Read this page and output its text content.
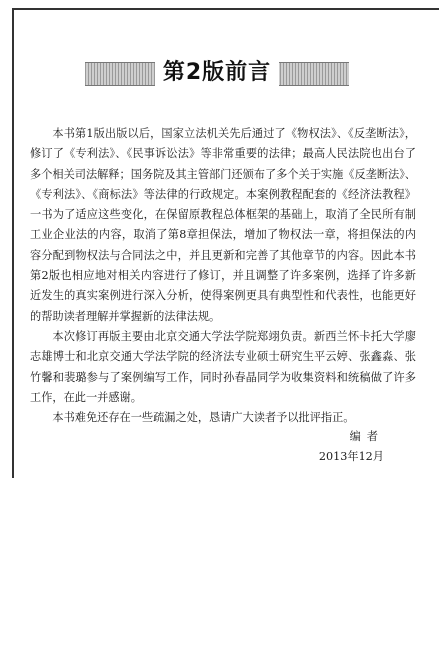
第2版前言

本书第1版出版以后，国家立法机关先后通过了《物权法》、《反垄断法》，修订了《专利法》、《民事诉讼法》等非常重要的法律；最高人民法院也出台了多个相关司法解释；国务院及其主管部门还颁布了多个关于实施《反垄断法》、《专利法》、《商标法》等法律的行政规定。本案例教程配套的《经济法教程》一书为了适应这些变化，在保留原教程总体框架的基础上，取消了全民所有制工业企业法的内容，取消了第8章担保法，增加了物权法一章，将担保法的内容分配到物权法与合同法之中，并且更新和完善了其他章节的内容。因此本书第2版也相应地对相关内容进行了修订，并且调整了许多案例，选择了许多新近发生的真实案例进行深入分析，使得案例更具有典型性和代表性，也能更好的帮助读者理解并掌握新的法律法规。

本次修订再版主要由北京交通大学法学院郑翊负责。新西兰怀卡托大学廖志雄博士和北京交通大学法学院的经济法专业硕士研究生平云婷、张鑫淼、张竹馨和裴璐参与了案例编写工作，同时孙春晶同学为收集资料和统稿做了许多工作，在此一并感谢。

本书难免还存在一些疏漏之处，恳请广大读者予以批评指正。

编者
2013年12月
